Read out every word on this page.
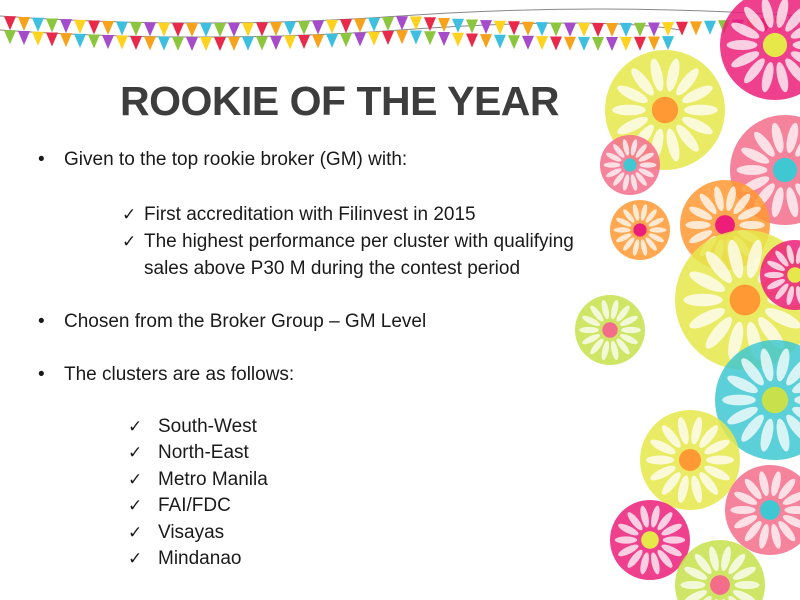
ROOKIE OF THE YEAR
• Given to the top rookie broker (GM) with:
✓ First accreditation with Filinvest in 2015
✓ The highest performance per cluster with qualifying
sales above P30 M during the contest period
• Chosen from the Broker Group – GM Level
• The clusters are as follows:
✓ South-West
✓ North-East
✓ Metro Manila
✓ FAI/FDC
✓ Visayas
✓ Mindanao
